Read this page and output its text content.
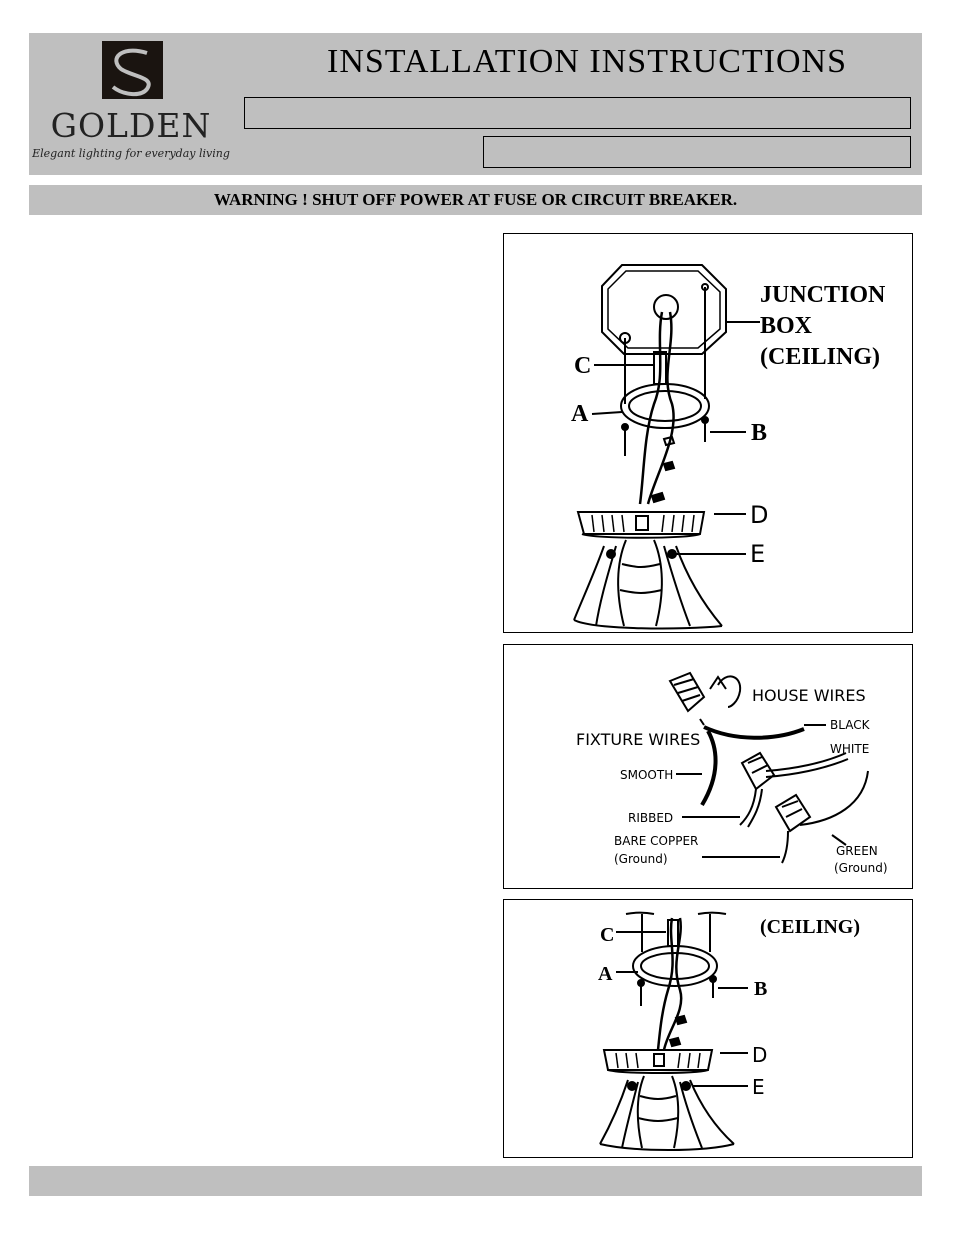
GOLDEN
Elegant lighting for everyday living
INSTALLATION INSTRUCTIONS
WARNING ! SHUT OFF POWER AT FUSE OR CIRCUIT BREAKER.
JUNCTION
BOX
(CEILING)
C
A
B
D
E
HOUSE WIRES
BLACK
WHITE
FIXTURE WIRES
SMOOTH
RIBBED
BARE COPPER
(Ground)
GREEN
(Ground)
(CEILING)
C
A
B
D
E
